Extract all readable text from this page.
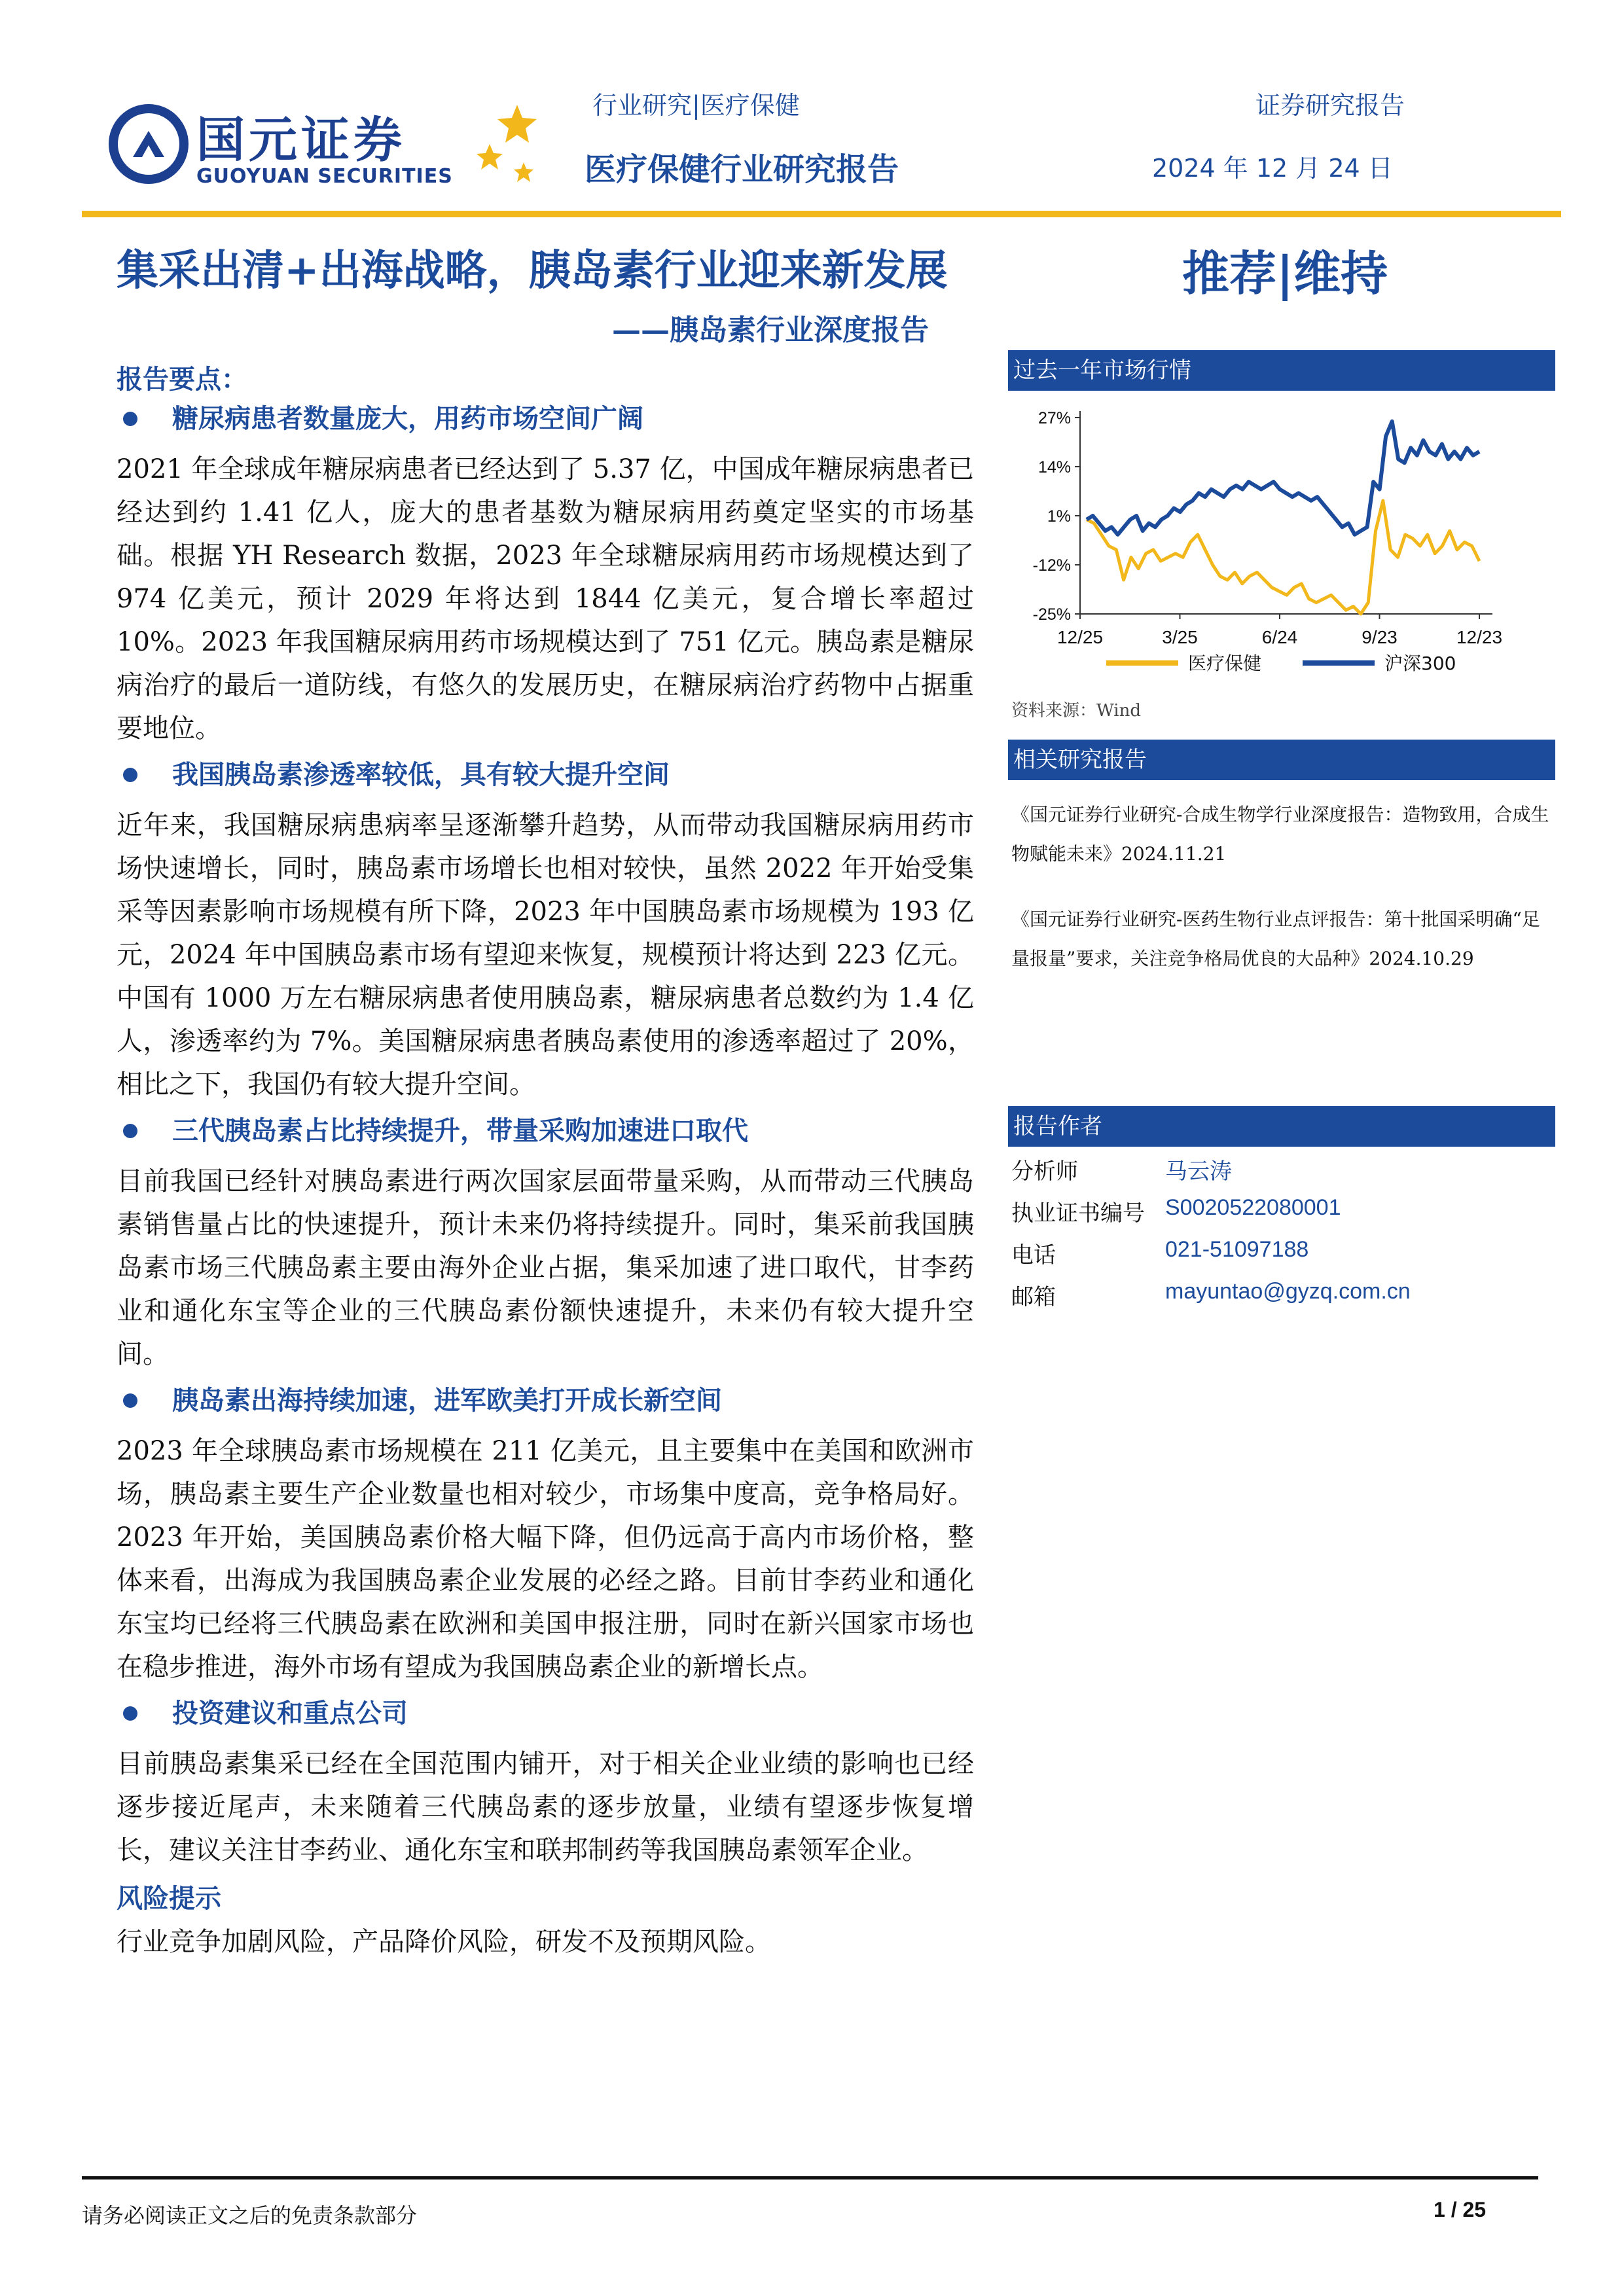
国元证券
GUOYUAN SECURITIES
行业研究|医疗保健	证券研究报告
医疗保健行业研究报告	2024 年 12 月 24 日
集采出清+出海战略，胰岛素行业迎来新发展
——胰岛素行业深度报告
推荐|维持
报告要点：
糖尿病患者数量庞大，用药市场空间广阔

2021 年全球成年糖尿病患者已经达到了 5.37 亿，中国成年糖尿病患者已经达到约 1.41 亿人，庞大的患者基数为糖尿病用药奠定坚实的市场基础。根据 YH Research 数据，2023 年全球糖尿病用药市场规模达到了 974 亿美元，预计 2029 年将达到 1844 亿美元，复合增长率超过 10%。2023 年我国糖尿病用药市场规模达到了 751 亿元。胰岛素是糖尿病治疗的最后一道防线，有悠久的发展历史，在糖尿病治疗药物中占据重要地位。

我国胰岛素渗透率较低，具有较大提升空间

近年来，我国糖尿病患病率呈逐渐攀升趋势，从而带动我国糖尿病用药市场快速增长，同时，胰岛素市场增长也相对较快，虽然 2022 年开始受集采等因素影响市场规模有所下降，2023 年中国胰岛素市场规模为 193 亿元，2024 年中国胰岛素市场有望迎来恢复，规模预计将达到 223 亿元。中国有 1000 万左右糖尿病患者使用胰岛素，糖尿病患者总数约为 1.4 亿人，渗透率约为 7%。美国糖尿病患者胰岛素使用的渗透率超过了 20%，相比之下，我国仍有较大提升空间。

三代胰岛素占比持续提升，带量采购加速进口取代

目前我国已经针对胰岛素进行两次国家层面带量采购，从而带动三代胰岛素销售量占比的快速提升，预计未来仍将持续提升。同时，集采前我国胰岛素市场三代胰岛素主要由海外企业占据，集采加速了进口取代，甘李药业和通化东宝等企业的三代胰岛素份额快速提升，未来仍有较大提升空间。

胰岛素出海持续加速，进军欧美打开成长新空间

2023 年全球胰岛素市场规模在 211 亿美元，且主要集中在美国和欧洲市场，胰岛素主要生产企业数量也相对较少，市场集中度高，竞争格局好。2023 年开始，美国胰岛素价格大幅下降，但仍远高于高内市场价格，整体来看，出海成为我国胰岛素企业发展的必经之路。目前甘李药业和通化东宝均已经将三代胰岛素在欧洲和美国申报注册，同时在新兴国家市场也在稳步推进，海外市场有望成为我国胰岛素企业的新增长点。

投资建议和重点公司

目前胰岛素集采已经在全国范围内铺开，对于相关企业业绩的影响也已经逐步接近尾声，未来随着三代胰岛素的逐步放量，业绩有望逐步恢复增长，建议关注甘李药业、通化东宝和联邦制药等我国胰岛素领军企业。

风险提示

行业竞争加剧风险，产品降价风险，研发不及预期风险。

过去一年市场行情
27%
14%
1%
-12%
-25%
12/25	3/25	6/24	9/23	12/23
医疗保健	沪深300
资料来源：Wind
相关研究报告
《国元证券行业研究-合成生物学行业深度报告：造物致用，合成生物赋能未来》2024.11.21
《国元证券行业研究-医药生物行业点评报告：第十批国采明确“足量报量”要求，关注竞争格局优良的大品种》2024.10.29
报告作者
分析师	马云涛
执业证书编号 S0020522080001
电话	021-51097188
邮箱	mayuntao@gyzq.com.cn
请务必阅读正文之后的免责条款部分	1 / 25
